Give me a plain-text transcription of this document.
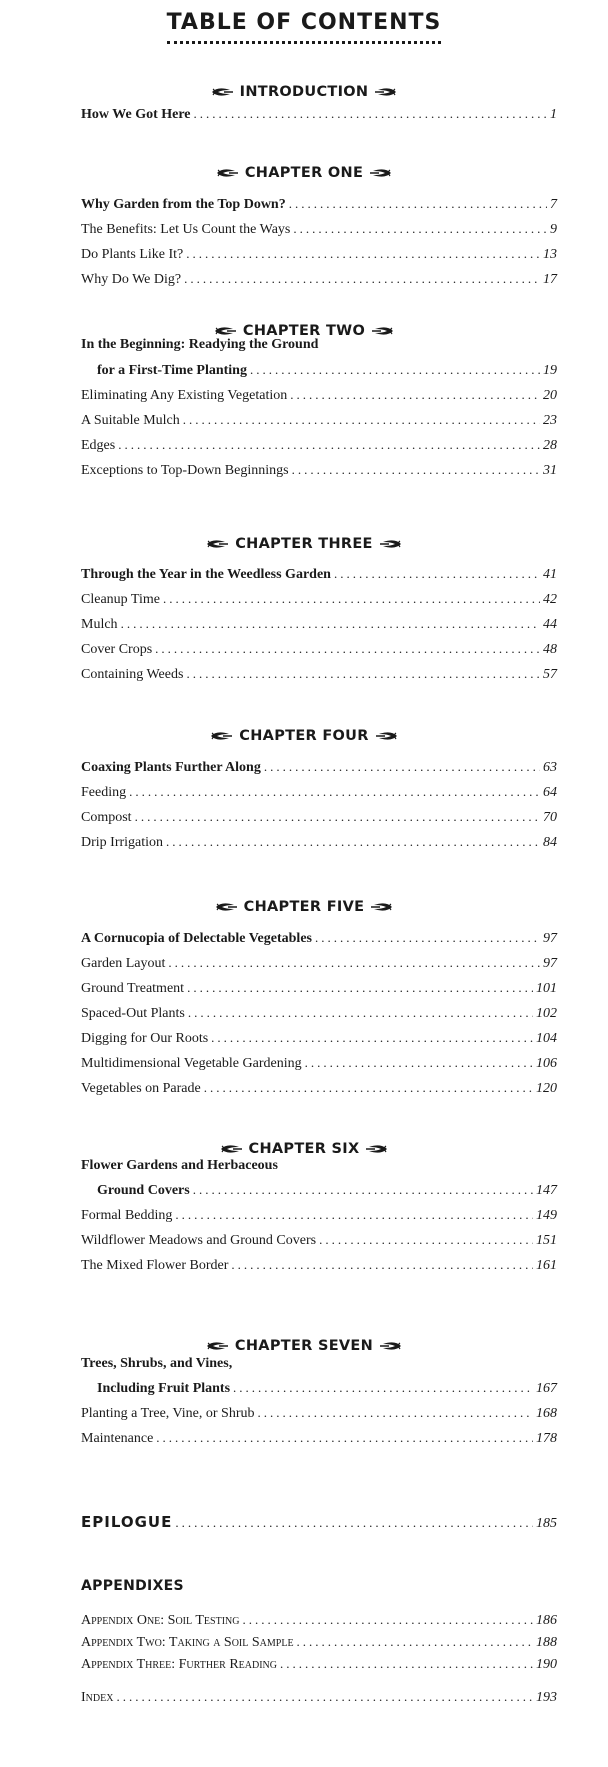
TABLE OF CONTENTS
INTRODUCTION
How We Got Here .....	1
CHAPTER ONE
Why Garden from the Top Down? .....	7
The Benefits: Let Us Count the Ways .....	9
Do Plants Like It? .....	13
Why Do We Dig? .....	17
CHAPTER TWO
In the Beginning: Readying the Ground
for a First-Time Planting .....	19
Eliminating Any Existing Vegetation .....	20
A Suitable Mulch .....	23
Edges .....	28
Exceptions to Top-Down Beginnings .....	31
CHAPTER THREE
Through the Year in the Weedless Garden .....	41
Cleanup Time .....	42
Mulch .....	44
Cover Crops .....	48
Containing Weeds .....	57
CHAPTER FOUR
Coaxing Plants Further Along .....	63
Feeding .....	64
Compost .....	70
Drip Irrigation .....	84
CHAPTER FIVE
A Cornucopia of Delectable Vegetables .....	97
Garden Layout .....	97
Ground Treatment .....	101
Spaced-Out Plants .....	102
Digging for Our Roots .....	104
Multidimensional Vegetable Gardening .....	106
Vegetables on Parade .....	120
CHAPTER SIX
Flower Gardens and Herbaceous
Ground Covers .....	147
Formal Bedding .....	149
Wildflower Meadows and Ground Covers .....	151
The Mixed Flower Border .....	161
CHAPTER SEVEN
Trees, Shrubs, and Vines,
Including Fruit Plants .....	167
Planting a Tree, Vine, or Shrub .....	168
Maintenance .....	178
EPILOGUE .....	185
APPENDIXES
Appendix One: Soil Testing .....	186
Appendix Two: Taking a Soil Sample .....	188
Appendix Three: Further Reading .....	190
Index .....	193
